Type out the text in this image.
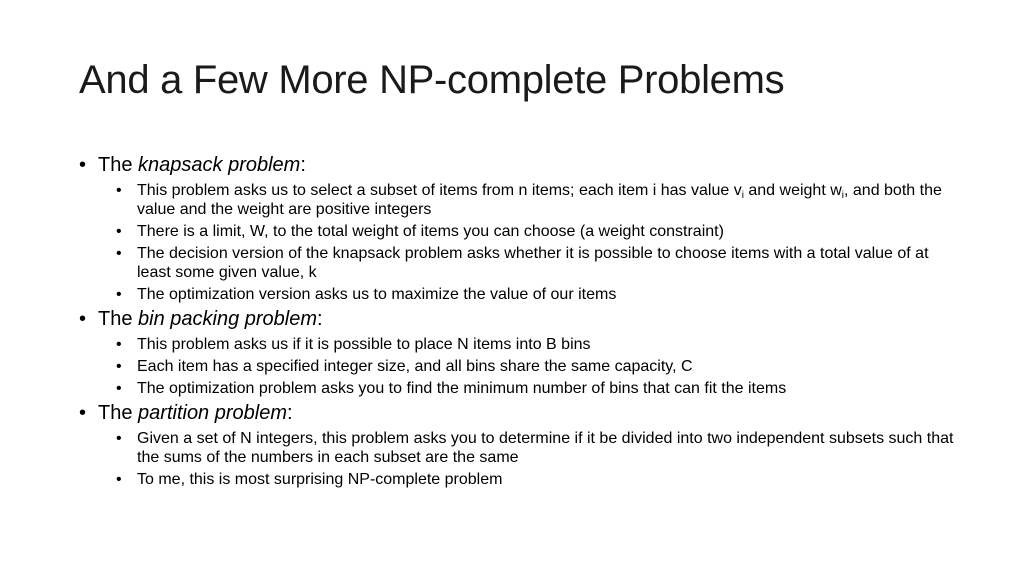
And a Few More NP-complete Problems
• The knapsack problem:
• This problem asks us to select a subset of items from n items; each item i has value $v_i$ and weight $w_i$, and both the value and the weight are positive integers
• There is a limit, W, to the total weight of items you can choose (a weight constraint)
• The decision version of the knapsack problem asks whether it is possible to choose items with a total value of at least some given value, k
• The optimization version asks us to maximize the value of our items
• The bin packing problem:
• This problem asks us if it is possible to place N items into B bins
• Each item has a specified integer size, and all bins share the same capacity, C
• The optimization problem asks you to find the minimum number of bins that can fit the items
• The partition problem:
• Given a set of N integers, this problem asks you to determine if it be divided into two independent subsets such that the sums of the numbers in each subset are the same
• To me, this is most surprising NP-complete problem
